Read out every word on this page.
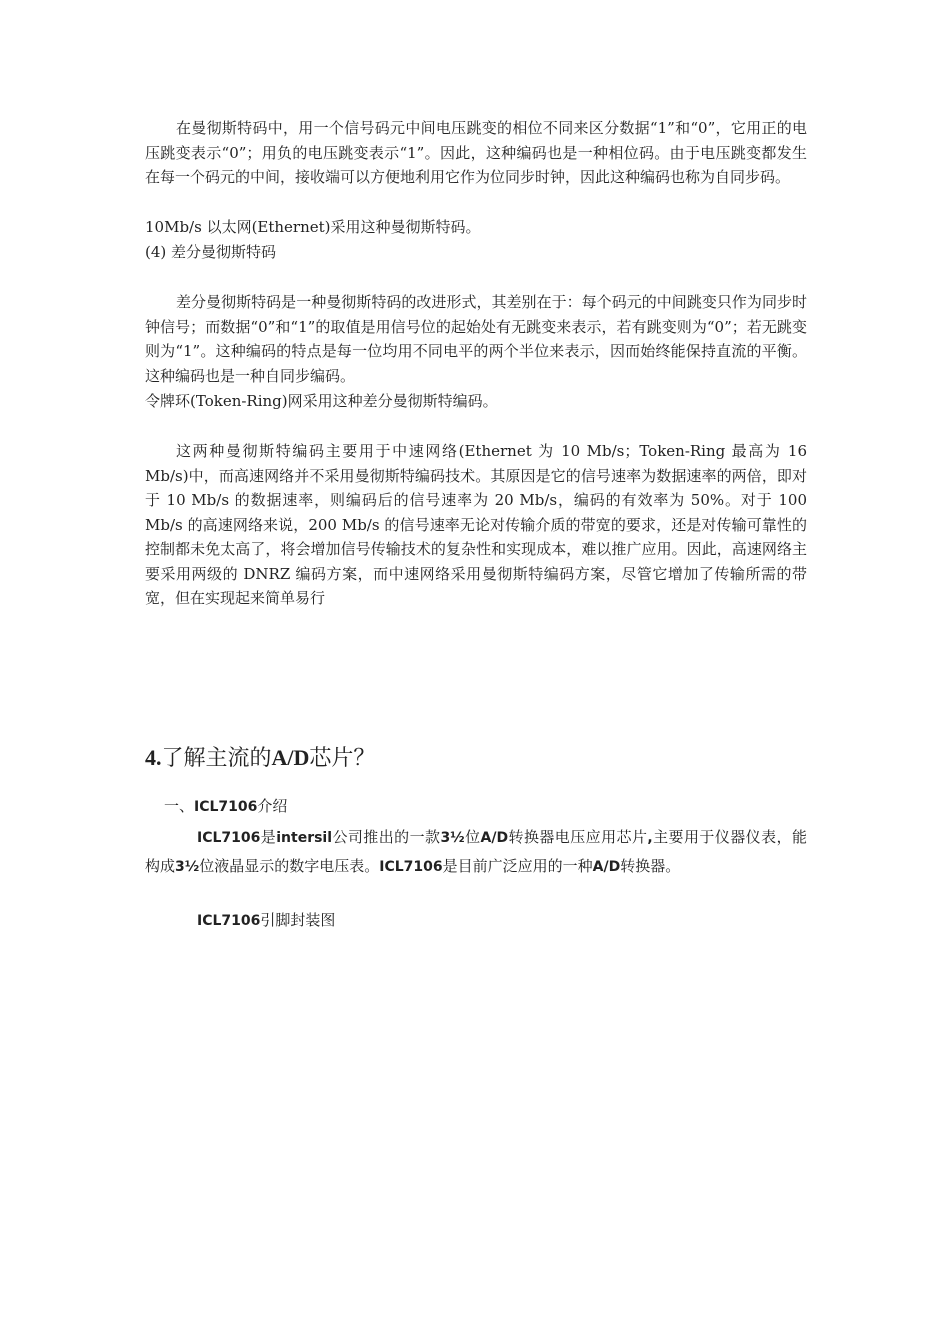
在曼彻斯特码中，用一个信号码元中间电压跳变的相位不同来区分数据“1”和“0”，它用正的电压跳变表示“0”；用负的电压跳变表示“1”。因此，这种编码也是一种相位码。由于电压跳变都发生在每一个码元的中间，接收端可以方便地利用它作为位同步时钟，因此这种编码也称为自同步码。

10Mb/s 以太网(Ethernet)采用这种曼彻斯特码。

(4) 差分曼彻斯特码

差分曼彻斯特码是一种曼彻斯特码的改进形式，其差别在于：每个码元的中间跳变只作为同步时钟信号；而数据“0”和“1”的取值是用信号位的起始处有无跳变来表示，若有跳变则为“0”；若无跳变则为“1”。这种编码的特点是每一位均用不同电平的两个半位来表示，因而始终能保持直流的平衡。这种编码也是一种自同步编码。

令牌环(Token-Ring)网采用这种差分曼彻斯特编码。

这两种曼彻斯特编码主要用于中速网络(Ethernet 为 10 Mb/s；Token-Ring 最高为 16 Mb/s)中，而高速网络并不采用曼彻斯特编码技术。其原因是它的信号速率为数据速率的两倍，即对于 10 Mb/s 的数据速率，则编码后的信号速率为 20 Mb/s，编码的有效率为 50%。对于 100 Mb/s 的高速网络来说，200 Mb/s 的信号速率无论对传输介质的带宽的要求，还是对传输可靠性的控制都未免太高了，将会增加信号传输技术的复杂性和实现成本，难以推广应用。因此，高速网络主要采用两级的 DNRZ 编码方案，而中速网络采用曼彻斯特编码方案，尽管它增加了传输所需的带宽，但在实现起来简单易行

4.了解主流的A/D芯片？

一、ICL7106介绍

ICL7106是intersil公司推出的一款3½位A/D转换器电压应用芯片,主要用于仪器仪表，能构成3½位液晶显示的数字电压表。ICL7106是目前广泛应用的一种A/D转换器。

ICL7106引脚封装图
